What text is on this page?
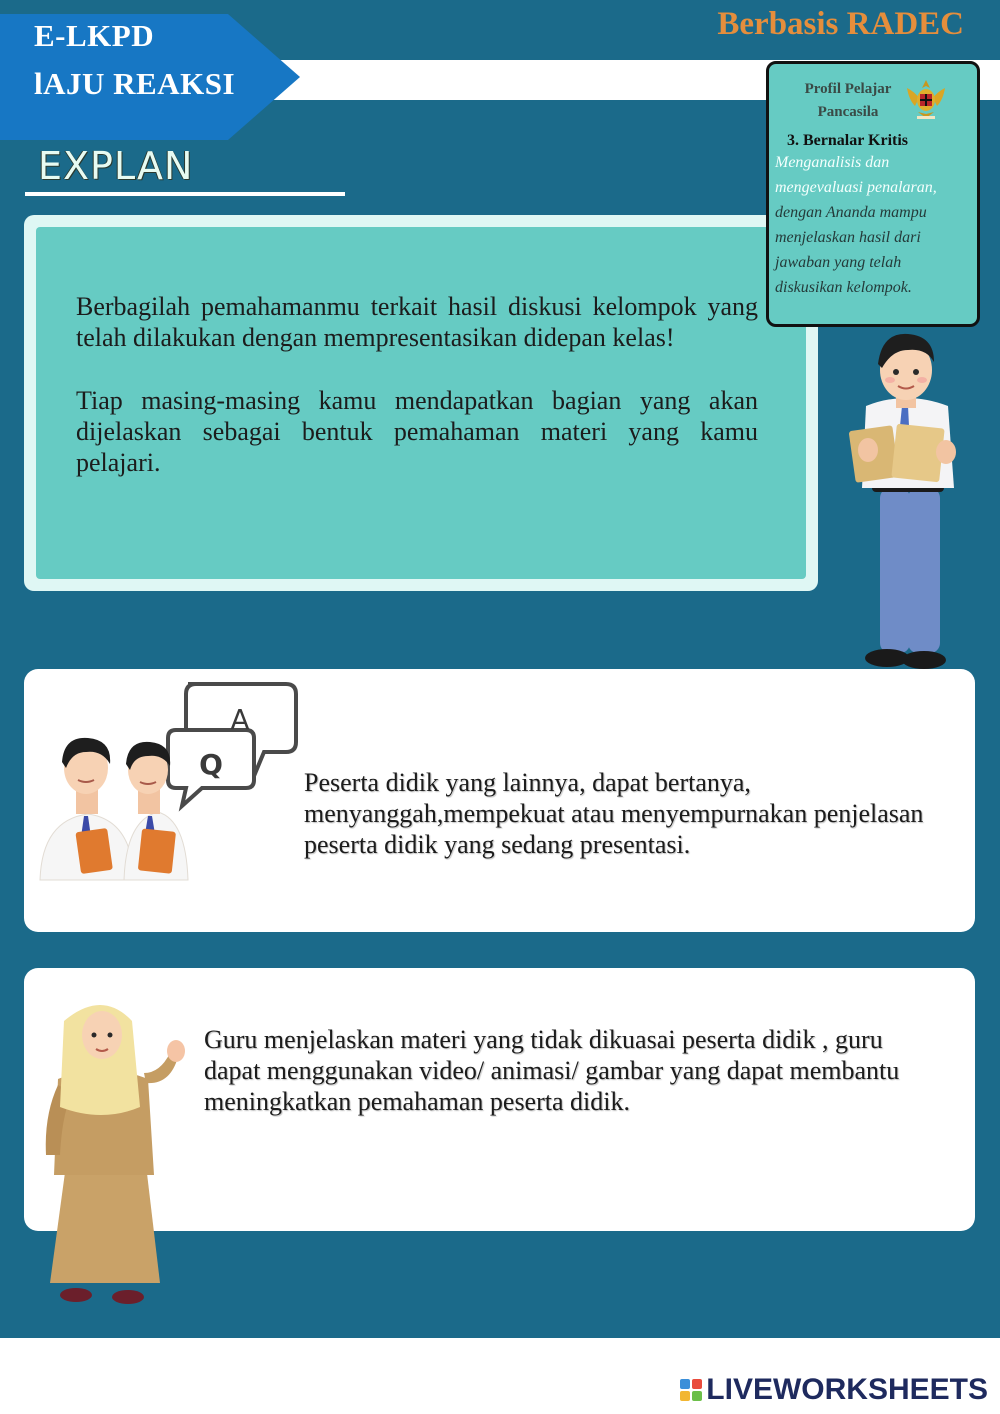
E-LKPD
lAJU REAKSI
Berbasis RADEC
EXPLAN

Berbagilah pemahamanmu terkait hasil diskusi kelompok yang telah dilakukan dengan mempresentasikan didepan kelas!

Tiap masing-masing kamu mendapatkan bagian yang akan dijelaskan sebagai bentuk pemahaman materi yang kamu pelajari.

Profil Pelajar
Pancasila
3. Bernalar Kritis
Menganalisis dan mengevaluasi penalaran, dengan Ananda mampu menjelaskan hasil dari jawaban yang telah diskusikan kelompok.
Peserta didik yang lainnya, dapat bertanya, menyanggah,mempekuat atau menyempurnakan penjelasan peserta didik yang sedang presentasi.
A
Q
Guru menjelaskan materi yang tidak dikuasai peserta didik , guru dapat menggunakan video/ animasi/ gambar yang dapat membantu meningkatkan pemahaman peserta didik.
LIVEWORKSHEETS
